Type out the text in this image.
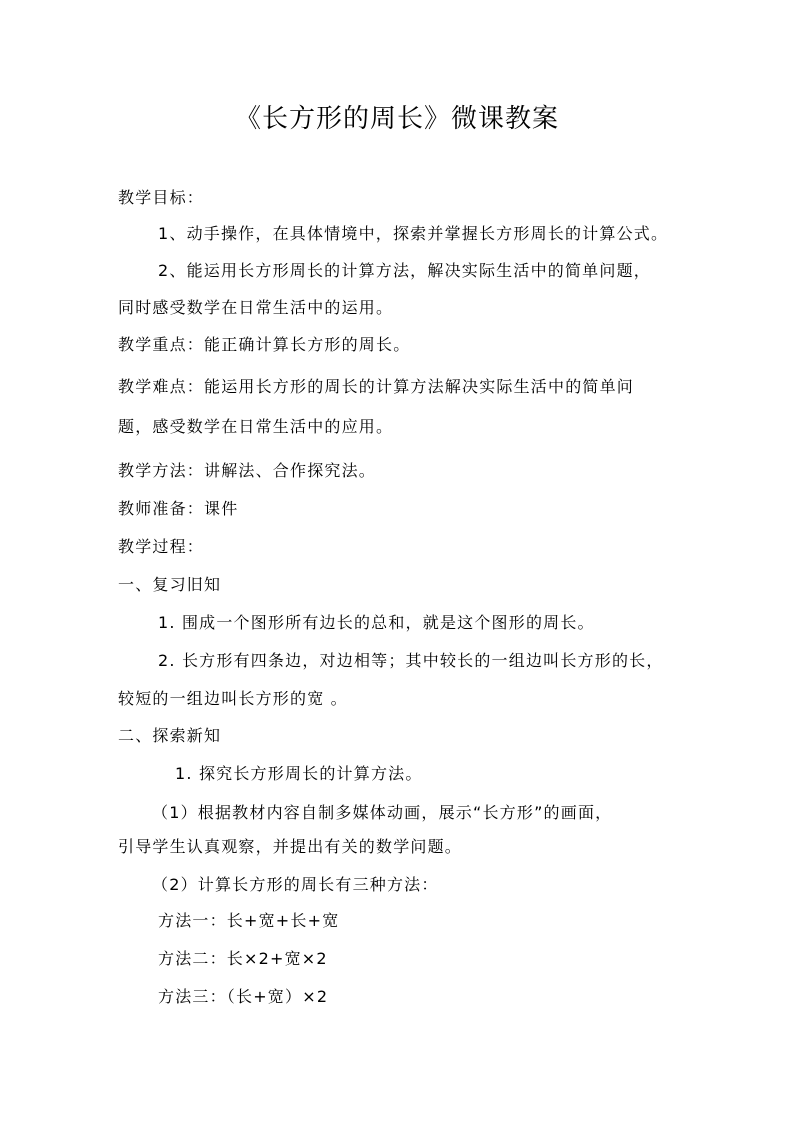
《长方形的周长》微课教案
教学目标：
1、动手操作，在具体情境中，探索并掌握长方形周长的计算公式。
2、能运用长方形周长的计算方法，解决实际生活中的简单问题，
同时感受数学在日常生活中的运用。
教学重点：能正确计算长方形的周长。
教学难点：能运用长方形的周长的计算方法解决实际生活中的简单问
题，感受数学在日常生活中的应用。
教学方法：讲解法、合作探究法。
教师准备：课件
教学过程：
一、复习旧知
1. 围成一个图形所有边长的总和，就是这个图形的周长。
2. 长方形有四条边，对边相等；其中较长的一组边叫长方形的长，
较短的一组边叫长方形的宽 。
二、探索新知
1. 探究长方形周长的计算方法。
（1）根据教材内容自制多媒体动画，展示“长方形”的画面，
引导学生认真观察，并提出有关的数学问题。
（2）计算长方形的周长有三种方法：
方法一：长+宽+长+宽
方法二：长×2+宽×2
方法三：（长+宽）×2
